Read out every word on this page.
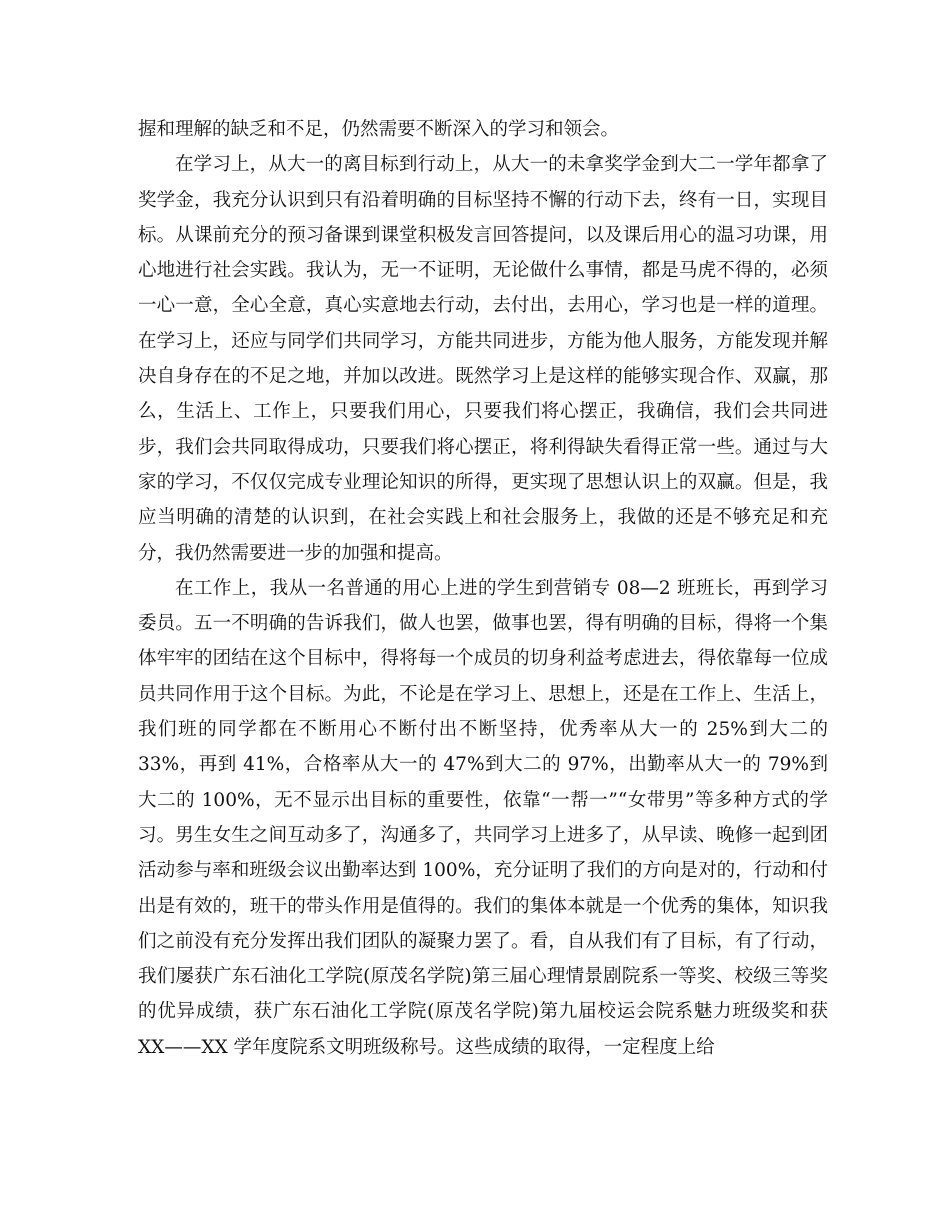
握和理解的缺乏和不足，仍然需要不断深入的学习和领会。

在学习上，从大一的离目标到行动上，从大一的未拿奖学金到大二一学年都拿了奖学金，我充分认识到只有沿着明确的目标坚持不懈的行动下去，终有一日，实现目标。从课前充分的预习备课到课堂积极发言回答提问，以及课后用心的温习功课，用心地进行社会实践。我认为，无一不证明，无论做什么事情，都是马虎不得的，必须一心一意，全心全意，真心实意地去行动，去付出，去用心，学习也是一样的道理。在学习上，还应与同学们共同学习，方能共同进步，方能为他人服务，方能发现并解决自身存在的不足之地，并加以改进。既然学习上是这样的能够实现合作、双赢，那么，生活上、工作上，只要我们用心，只要我们将心摆正，我确信，我们会共同进步，我们会共同取得成功，只要我们将心摆正，将利得缺失看得正常一些。通过与大家的学习，不仅仅完成专业理论知识的所得，更实现了思想认识上的双赢。但是，我应当明确的清楚的认识到，在社会实践上和社会服务上，我做的还是不够充足和充分，我仍然需要进一步的加强和提高。

在工作上，我从一名普通的用心上进的学生到营销专 08—2 班班长，再到学习委员。五一不明确的告诉我们，做人也罢，做事也罢，得有明确的目标，得将一个集体牢牢的团结在这个目标中，得将每一个成员的切身利益考虑进去，得依靠每一位成员共同作用于这个目标。为此，不论是在学习上、思想上，还是在工作上、生活上，我们班的同学都在不断用心不断付出不断坚持，优秀率从大一的 25%到大二的 33%，再到 41%，合格率从大一的 47%到大二的 97%，出勤率从大一的 79%到大二的 100%，无不显示出目标的重要性，依靠“一帮一”“女带男”等多种方式的学习。男生女生之间互动多了，沟通多了，共同学习上进多了，从早读、晚修一起到团活动参与率和班级会议出勤率达到 100%，充分证明了我们的方向是对的，行动和付出是有效的，班干的带头作用是值得的。我们的集体本就是一个优秀的集体，知识我们之前没有充分发挥出我们团队的凝聚力罢了。看，自从我们有了目标，有了行动，我们屡获广东石油化工学院(原茂名学院)第三届心理情景剧院系一等奖、校级三等奖的优异成绩，获广东石油化工学院(原茂名学院)第九届校运会院系魅力班级奖和获 XX——XX 学年度院系文明班级称号。这些成绩的取得，一定程度上给
